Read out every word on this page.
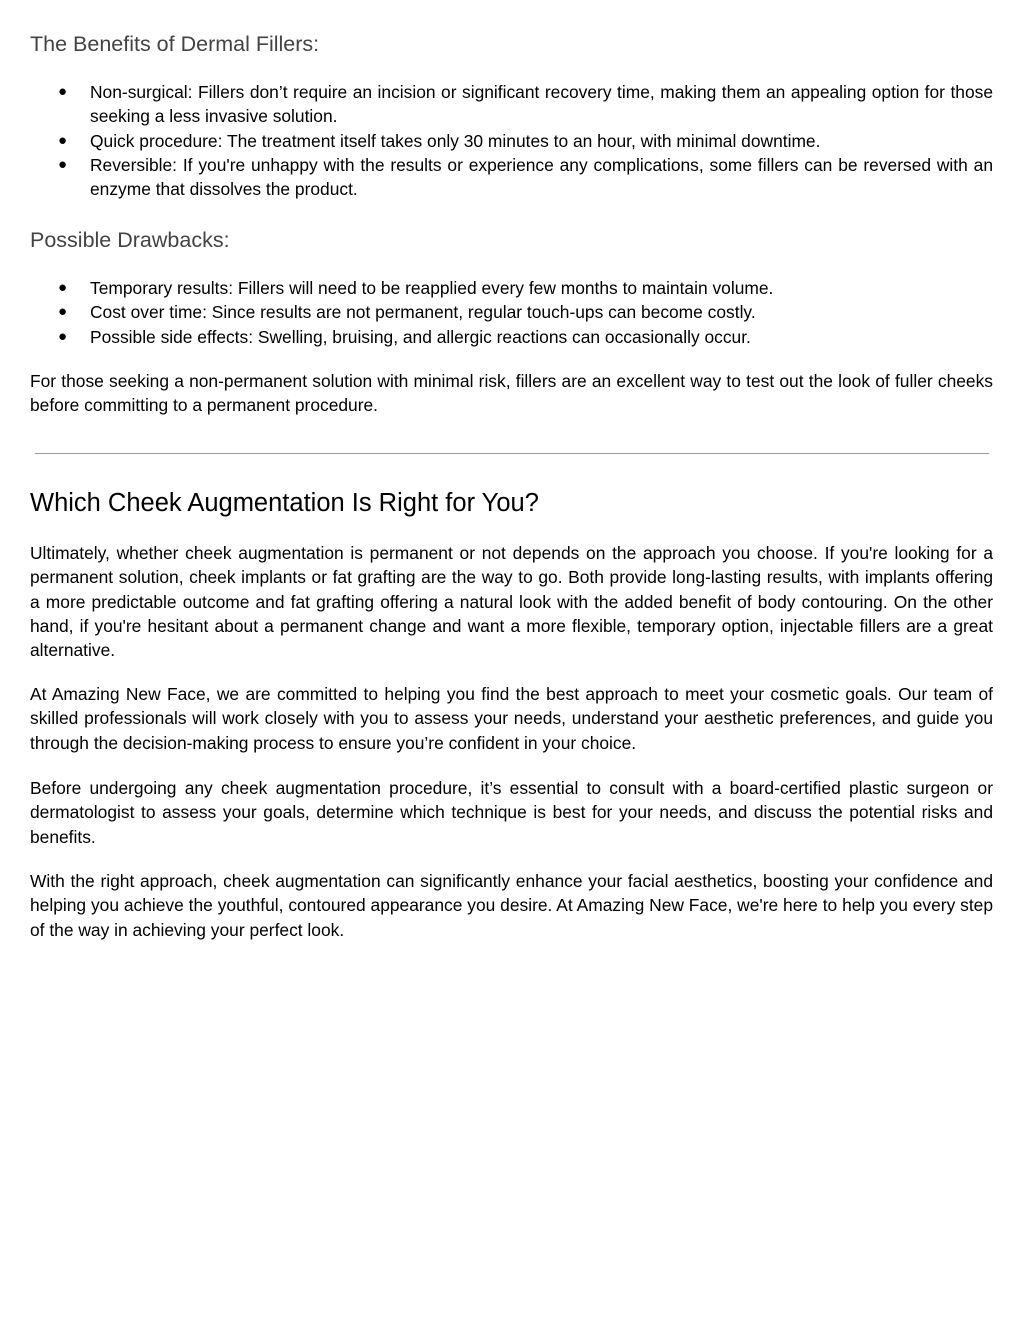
The Benefits of Dermal Fillers:
● Non-surgical: Fillers don’t require an incision or significant recovery time, making them an appealing option for those seeking a less invasive solution.
● Quick procedure: The treatment itself takes only 30 minutes to an hour, with minimal downtime.
● Reversible: If you're unhappy with the results or experience any complications, some fillers can be reversed with an enzyme that dissolves the product.
Possible Drawbacks:
● Temporary results: Fillers will need to be reapplied every few months to maintain volume.
● Cost over time: Since results are not permanent, regular touch-ups can become costly.
● Possible side effects: Swelling, bruising, and allergic reactions can occasionally occur.

For those seeking a non-permanent solution with minimal risk, fillers are an excellent way to test out the look of fuller cheeks before committing to a permanent procedure.

Which Cheek Augmentation Is Right for You?

Ultimately, whether cheek augmentation is permanent or not depends on the approach you choose. If you're looking for a permanent solution, cheek implants or fat grafting are the way to go. Both provide long-lasting results, with implants offering a more predictable outcome and fat grafting offering a natural look with the added benefit of body contouring. On the other hand, if you're hesitant about a permanent change and want a more flexible, temporary option, injectable fillers are a great alternative.

At Amazing New Face, we are committed to helping you find the best approach to meet your cosmetic goals. Our team of skilled professionals will work closely with you to assess your needs, understand your aesthetic preferences, and guide you through the decision-making process to ensure you’re confident in your choice.

Before undergoing any cheek augmentation procedure, it’s essential to consult with a board-certified plastic surgeon or dermatologist to assess your goals, determine which technique is best for your needs, and discuss the potential risks and benefits.

With the right approach, cheek augmentation can significantly enhance your facial aesthetics, boosting your confidence and helping you achieve the youthful, contoured appearance you desire. At Amazing New Face, we're here to help you every step of the way in achieving your perfect look.
